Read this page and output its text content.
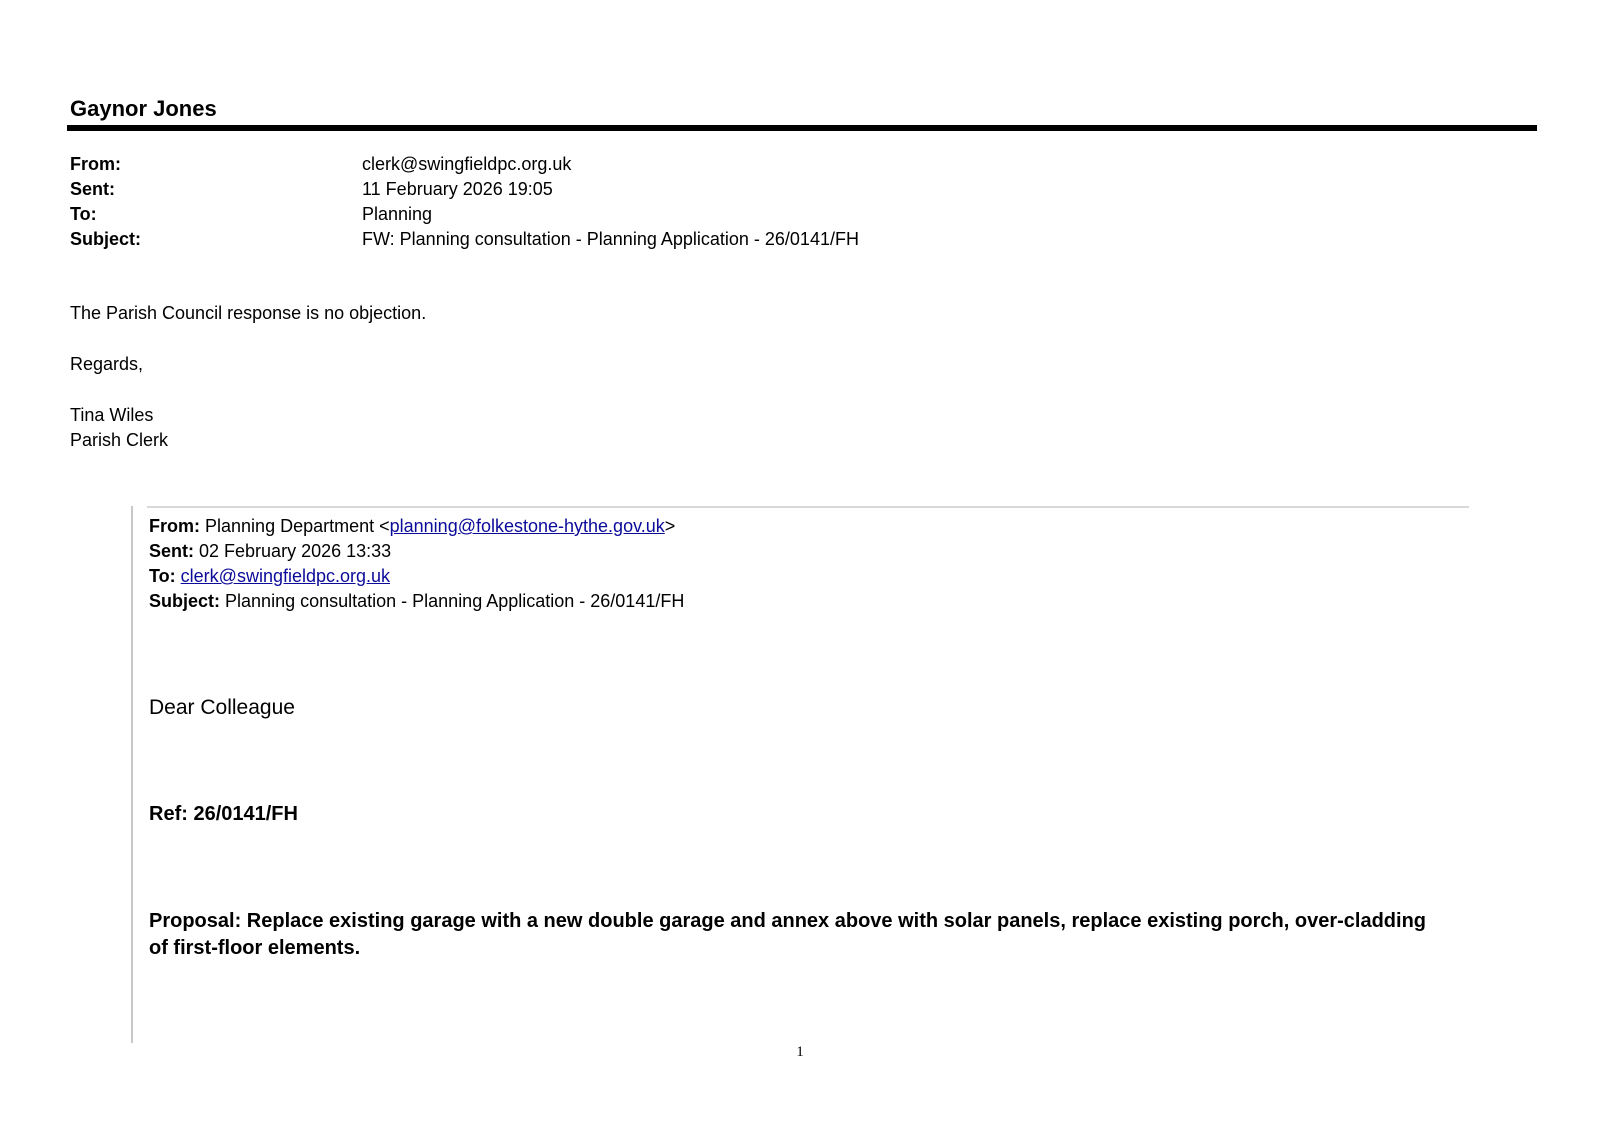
Gaynor Jones
From:	clerk@swingfieldpc.org.uk
Sent:	11 February 2026 19:05
To:	Planning
Subject:	FW: Planning consultation - Planning Application - 26/0141/FH

The Parish Council response is no objection.

Regards,

Tina Wiles

Parish Clerk

From: Planning Department <planning@folkestone-hythe.gov.uk>
Sent: 02 February 2026 13:33
To: clerk@swingfieldpc.org.uk
Subject: Planning consultation - Planning Application - 26/0141/FH

Dear Colleague

Ref: 26/0141/FH

Proposal: Replace existing garage with a new double garage and annex above with solar panels, replace existing porch, over-cladding of first-floor elements.

1
